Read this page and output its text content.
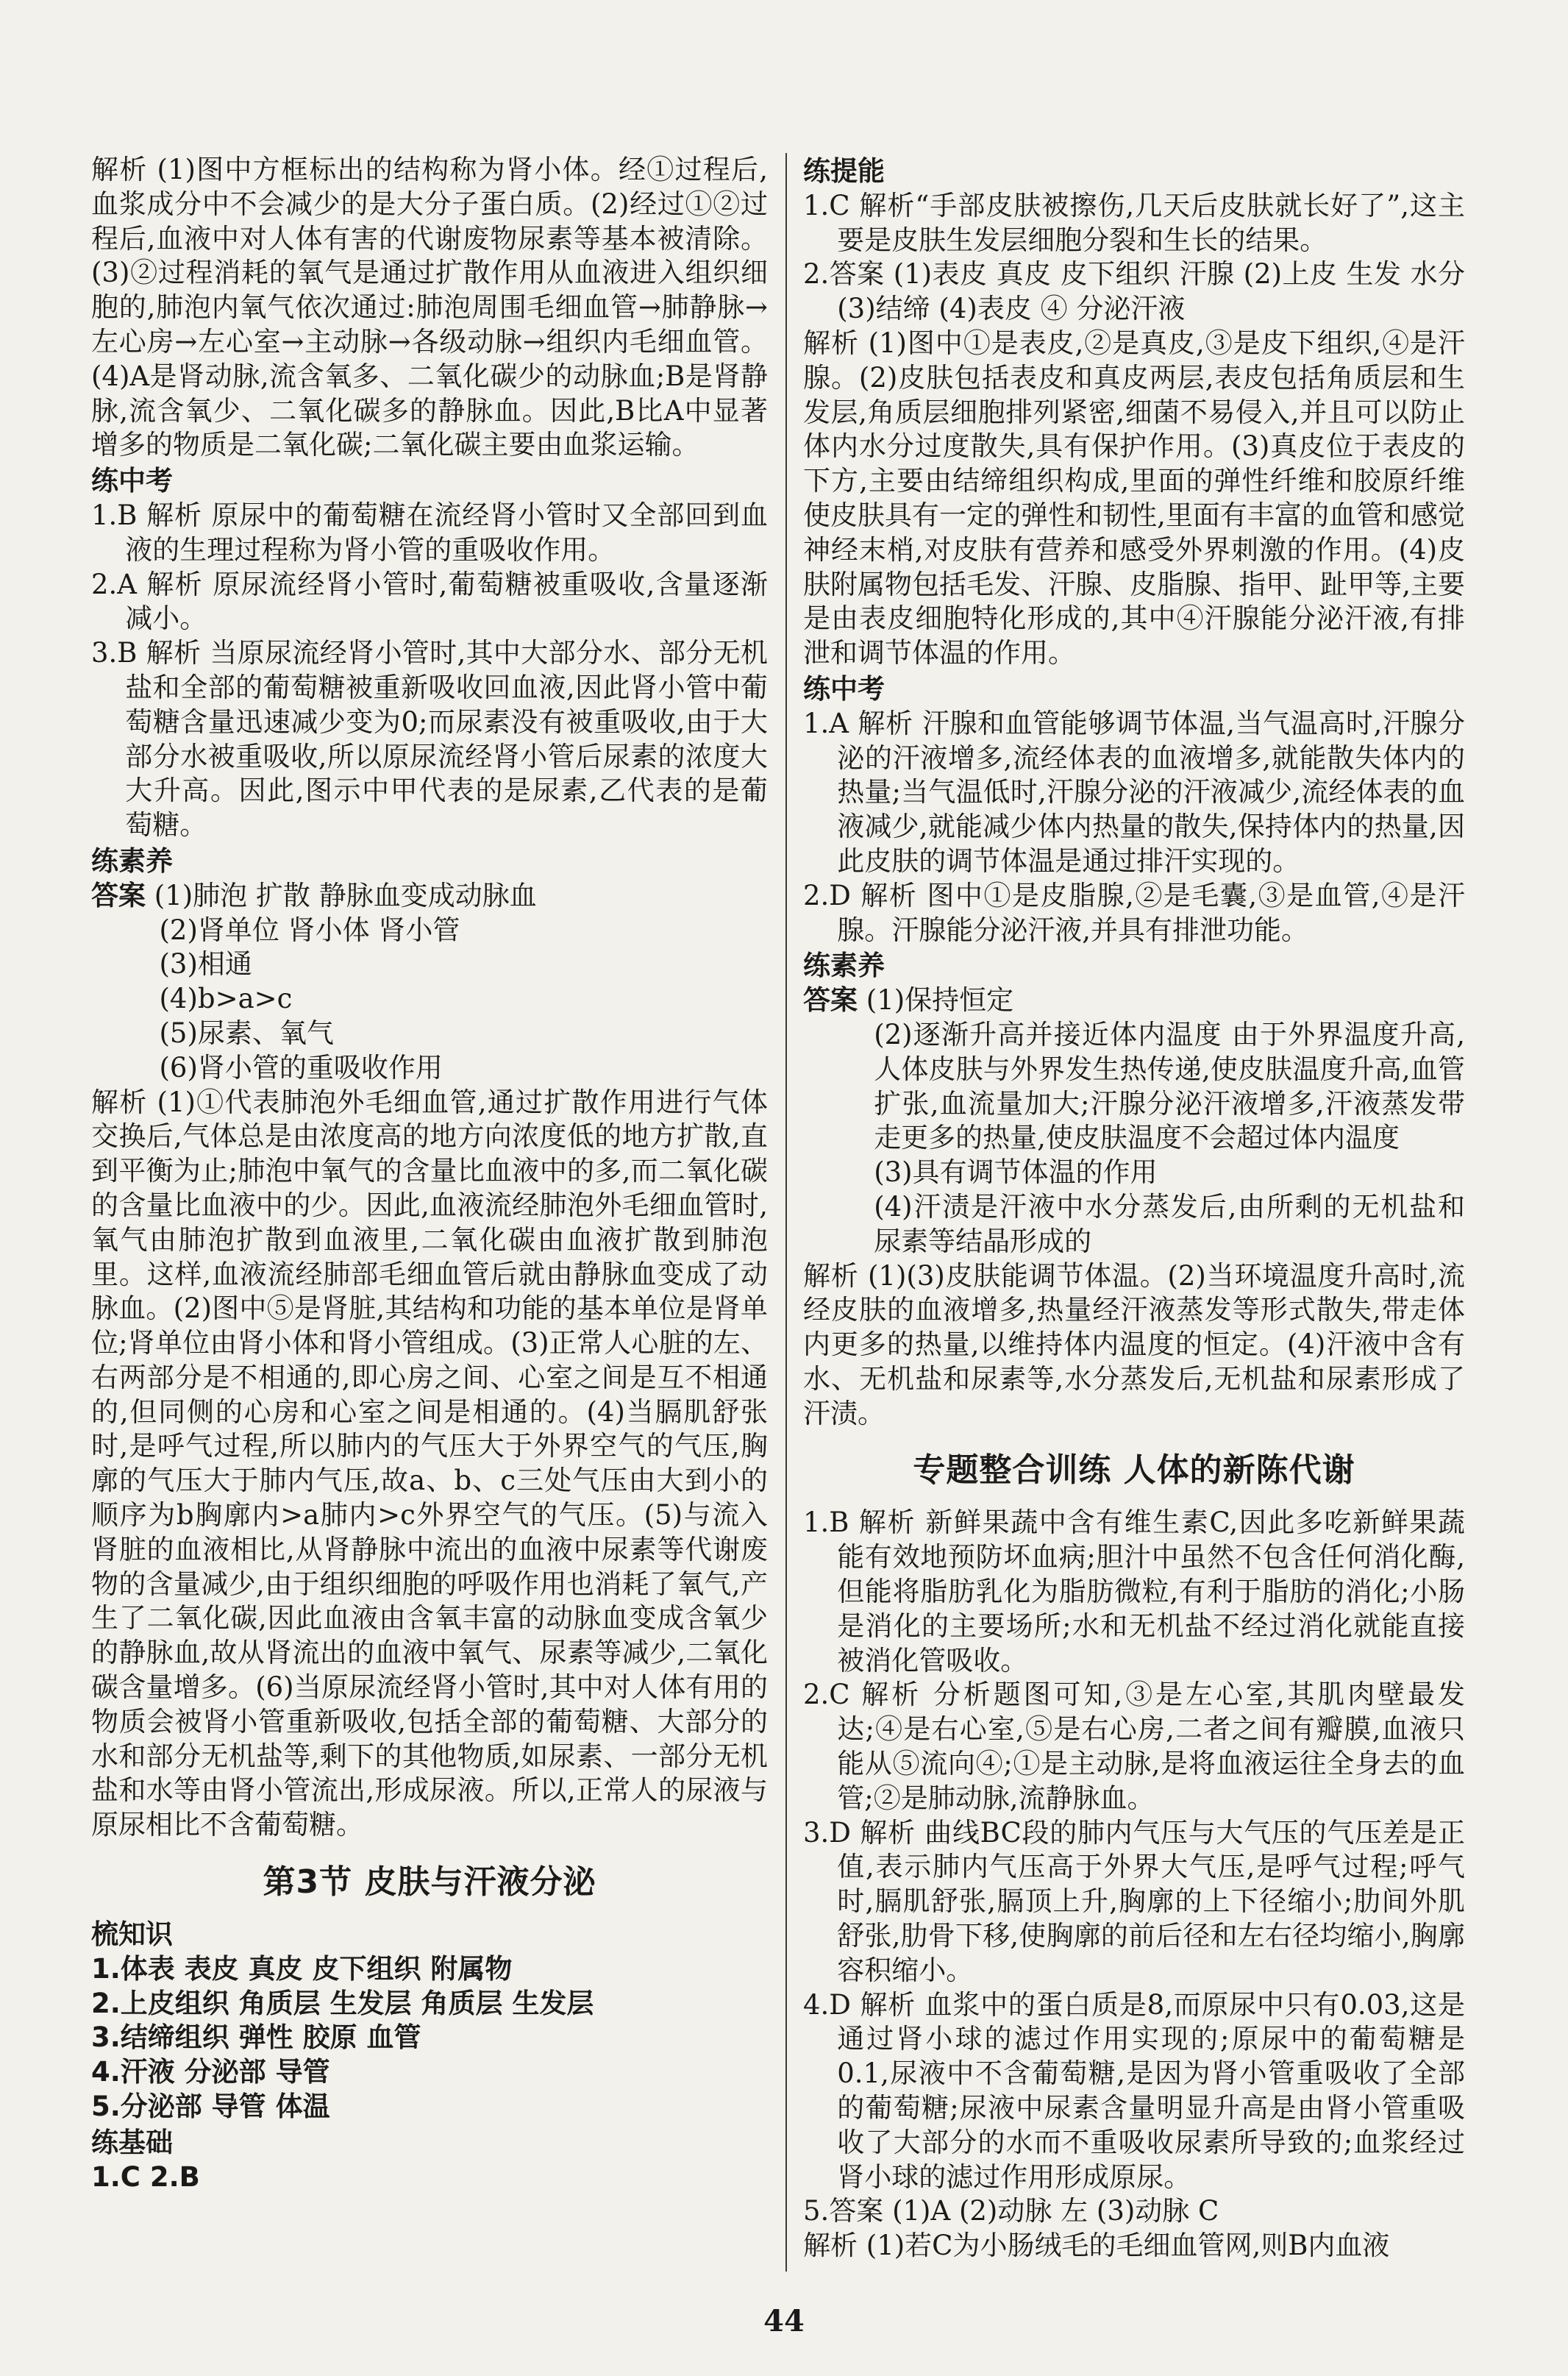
解析 (1)图中方框标出的结构称为肾小体。经①过程后,血浆成分中不会减少的是大分子蛋白质。(2)经过①②过程后,血液中对人体有害的代谢废物尿素等基本被清除。(3)②过程消耗的氧气是通过扩散作用从血液进入组织细胞的,肺泡内氧气依次通过:肺泡周围毛细血管→肺静脉→左心房→左心室→主动脉→各级动脉→组织内毛细血管。(4)A是肾动脉,流含氧多、二氧化碳少的动脉血;B是肾静脉,流含氧少、二氧化碳多的静脉血。因此,B比A中显著增多的物质是二氧化碳;二氧化碳主要由血浆运输。

练中考

1.B 解析 原尿中的葡萄糖在流经肾小管时又全部回到血液的生理过程称为肾小管的重吸收作用。

2.A 解析 原尿流经肾小管时,葡萄糖被重吸收,含量逐渐减小。

3.B 解析 当原尿流经肾小管时,其中大部分水、部分无机盐和全部的葡萄糖被重新吸收回血液,因此肾小管中葡萄糖含量迅速减少变为0;而尿素没有被重吸收,由于大部分水被重吸收,所以原尿流经肾小管后尿素的浓度大大升高。因此,图示中甲代表的是尿素,乙代表的是葡萄糖。

练素养
答案 (1)肺泡 扩散 静脉血变成动脉血
(2)肾单位 肾小体 肾小管
(3)相通
(4)b>a>c
(5)尿素、氧气
(6)肾小管的重吸收作用

解析 (1)①代表肺泡外毛细血管,通过扩散作用进行气体交换后,气体总是由浓度高的地方向浓度低的地方扩散,直到平衡为止;肺泡中氧气的含量比血液中的多,而二氧化碳的含量比血液中的少。因此,血液流经肺泡外毛细血管时,氧气由肺泡扩散到血液里,二氧化碳由血液扩散到肺泡里。这样,血液流经肺部毛细血管后就由静脉血变成了动脉血。(2)图中⑤是肾脏,其结构和功能的基本单位是肾单位;肾单位由肾小体和肾小管组成。(3)正常人心脏的左、右两部分是不相通的,即心房之间、心室之间是互不相通的,但同侧的心房和心室之间是相通的。(4)当膈肌舒张时,是呼气过程,所以肺内的气压大于外界空气的气压,胸廓的气压大于肺内气压,故a、b、c三处气压由大到小的顺序为b胸廓内>a肺内>c外界空气的气压。(5)与流入肾脏的血液相比,从肾静脉中流出的血液中尿素等代谢废物的含量减少,由于组织细胞的呼吸作用也消耗了氧气,产生了二氧化碳,因此血液由含氧丰富的动脉血变成含氧少的静脉血,故从肾流出的血液中氧气、尿素等减少,二氧化碳含量增多。(6)当原尿流经肾小管时,其中对人体有用的物质会被肾小管重新吸收,包括全部的葡萄糖、大部分的水和部分无机盐等,剩下的其他物质,如尿素、一部分无机盐和水等由肾小管流出,形成尿液。所以,正常人的尿液与原尿相比不含葡萄糖。

第3节 皮肤与汗液分泌
梳知识
1.体表 表皮 真皮 皮下组织 附属物
2.上皮组织 角质层 生发层 角质层 生发层
3.结缔组织 弹性 胶原 血管
4.汗液 分泌部 导管
5.分泌部 导管 体温
练基础
1.C 2.B
练提能

1.C 解析“手部皮肤被擦伤,几天后皮肤就长好了”,这主要是皮肤生发层细胞分裂和生长的结果。

2.答案 (1)表皮 真皮 皮下组织 汗腺 (2)上皮 生发 水分 (3)结缔 (4)表皮 ④ 分泌汗液

解析 (1)图中①是表皮,②是真皮,③是皮下组织,④是汗腺。(2)皮肤包括表皮和真皮两层,表皮包括角质层和生发层,角质层细胞排列紧密,细菌不易侵入,并且可以防止体内水分过度散失,具有保护作用。(3)真皮位于表皮的下方,主要由结缔组织构成,里面的弹性纤维和胶原纤维使皮肤具有一定的弹性和韧性,里面有丰富的血管和感觉神经末梢,对皮肤有营养和感受外界刺激的作用。(4)皮肤附属物包括毛发、汗腺、皮脂腺、指甲、趾甲等,主要是由表皮细胞特化形成的,其中④汗腺能分泌汗液,有排泄和调节体温的作用。

练中考

1.A 解析 汗腺和血管能够调节体温,当气温高时,汗腺分泌的汗液增多,流经体表的血液增多,就能散失体内的热量;当气温低时,汗腺分泌的汗液减少,流经体表的血液减少,就能减少体内热量的散失,保持体内的热量,因此皮肤的调节体温是通过排汗实现的。

2.D 解析 图中①是皮脂腺,②是毛囊,③是血管,④是汗腺。汗腺能分泌汗液,并具有排泄功能。

练素养
答案 (1)保持恒定

(2)逐渐升高并接近体内温度 由于外界温度升高,人体皮肤与外界发生热传递,使皮肤温度升高,血管扩张,血流量加大;汗腺分泌汗液增多,汗液蒸发带走更多的热量,使皮肤温度不会超过体内温度

(3)具有调节体温的作用

(4)汗渍是汗液中水分蒸发后,由所剩的无机盐和尿素等结晶形成的

解析 (1)(3)皮肤能调节体温。(2)当环境温度升高时,流经皮肤的血液增多,热量经汗液蒸发等形式散失,带走体内更多的热量,以维持体内温度的恒定。(4)汗液中含有水、无机盐和尿素等,水分蒸发后,无机盐和尿素形成了汗渍。

专题整合训练 人体的新陈代谢

1.B 解析 新鲜果蔬中含有维生素C,因此多吃新鲜果蔬能有效地预防坏血病;胆汁中虽然不包含任何消化酶,但能将脂肪乳化为脂肪微粒,有利于脂肪的消化;小肠是消化的主要场所;水和无机盐不经过消化就能直接被消化管吸收。

2.C 解析 分析题图可知,③是左心室,其肌肉壁最发达;④是右心室,⑤是右心房,二者之间有瓣膜,血液只能从⑤流向④;①是主动脉,是将血液运往全身去的血管;②是肺动脉,流静脉血。

3.D 解析 曲线BC段的肺内气压与大气压的气压差是正值,表示肺内气压高于外界大气压,是呼气过程;呼气时,膈肌舒张,膈顶上升,胸廓的上下径缩小;肋间外肌舒张,肋骨下移,使胸廓的前后径和左右径均缩小,胸廓容积缩小。

4.D 解析 血浆中的蛋白质是8,而原尿中只有0.03,这是通过肾小球的滤过作用实现的;原尿中的葡萄糖是0.1,尿液中不含葡萄糖,是因为肾小管重吸收了全部的葡萄糖;尿液中尿素含量明显升高是由肾小管重吸收了大部分的水而不重吸收尿素所导致的;血浆经过肾小球的滤过作用形成原尿。

5.答案 (1)A (2)动脉 左 (3)动脉 C

解析 (1)若C为小肠绒毛的毛细血管网,则B内血液

44
